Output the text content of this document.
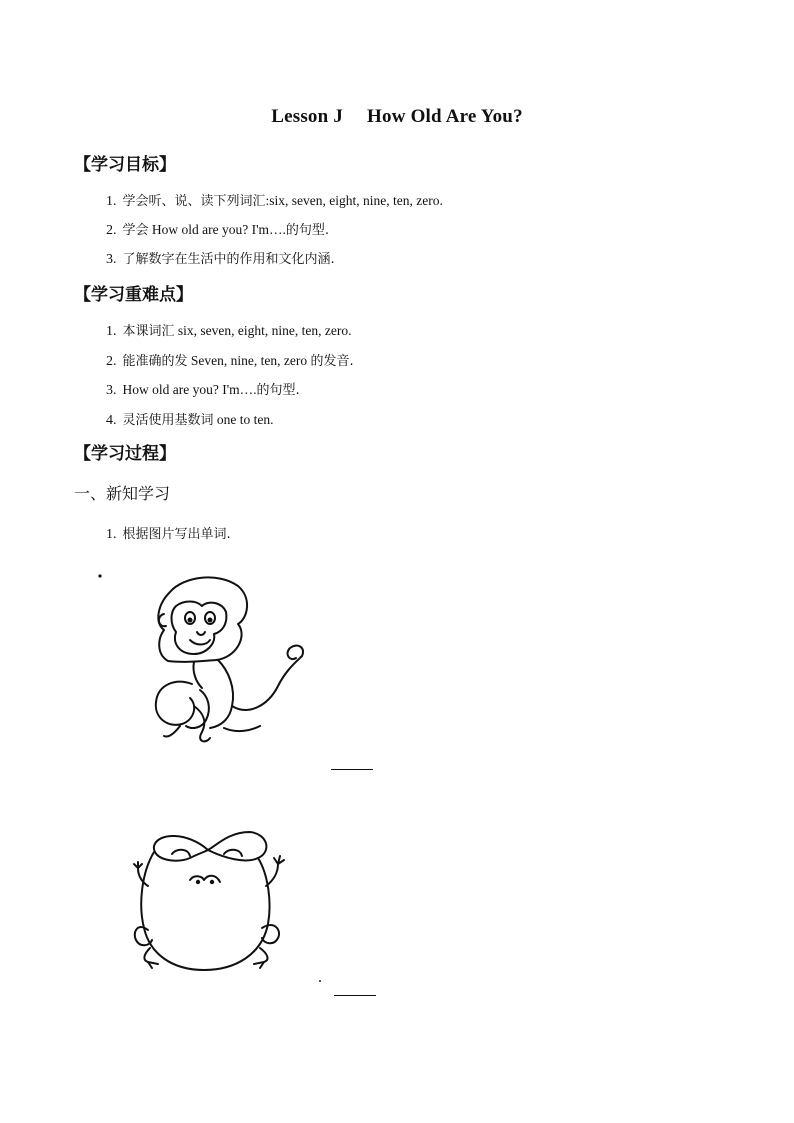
Lesson J How Old Are You?
【学习目标】
1. 学会听、说、读下列词汇:six, seven, eight, nine, ten, zero.
2. 学会 How old are you? I'm….的句型.
3. 了解数字在生活中的作用和文化内涵.
【学习重难点】
1. 本课词汇 six, seven, eight, nine, ten, zero.
2. 能准确的发 Seven, nine, ten, zero 的发音.
3. How old are you? I'm….的句型.
4. 灵活使用基数词 one to ten.
【学习过程】
一、新知学习
1. 根据图片写出单词.
